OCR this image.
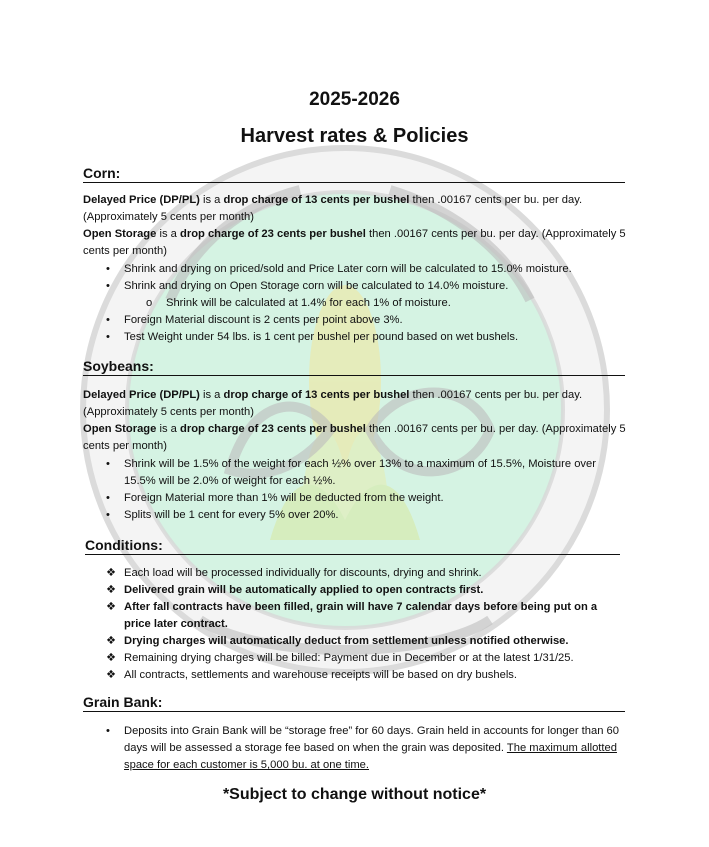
2025-2026
Harvest rates & Policies
Corn:
Delayed Price (DP/PL) is a drop charge of 13 cents per bushel then .00167 cents per bu. per day. (Approximately 5 cents per month)
Open Storage is a drop charge of 23 cents per bushel then .00167 cents per bu. per day. (Approximately 5 cents per month)
• Shrink and drying on priced/sold and Price Later corn will be calculated to 15.0% moisture.
• Shrink and drying on Open Storage corn will be calculated to 14.0% moisture.
o Shrink will be calculated at 1.4% for each 1% of moisture.
• Foreign Material discount is 2 cents per point above 3%.
• Test Weight under 54 lbs. is 1 cent per bushel per pound based on wet bushels.
Soybeans:
Delayed Price (DP/PL) is a drop charge of 13 cents per bushel then .00167 cents per bu. per day. (Approximately 5 cents per month)
Open Storage is a drop charge of 23 cents per bushel then .00167 cents per bu. per day. (Approximately 5 cents per month)
• Shrink will be 1.5% of the weight for each ½% over 13% to a maximum of 15.5%, Moisture over 15.5% will be 2.0% of weight for each ½%.
• Foreign Material more than 1% will be deducted from the weight.
• Splits will be 1 cent for every 5% over 20%.
Conditions:
❖ Each load will be processed individually for discounts, drying and shrink.
❖ Delivered grain will be automatically applied to open contracts first.
❖ After fall contracts have been filled, grain will have 7 calendar days before being put on a price later contract.
❖ Drying charges will automatically deduct from settlement unless notified otherwise.
❖ Remaining drying charges will be billed: Payment due in December or at the latest 1/31/25.
❖ All contracts, settlements and warehouse receipts will be based on dry bushels.
Grain Bank:
• Deposits into Grain Bank will be “storage free” for 60 days. Grain held in accounts for longer than 60 days will be assessed a storage fee based on when the grain was deposited. The maximum allotted space for each customer is 5,000 bu. at one time.
*Subject to change without notice*
